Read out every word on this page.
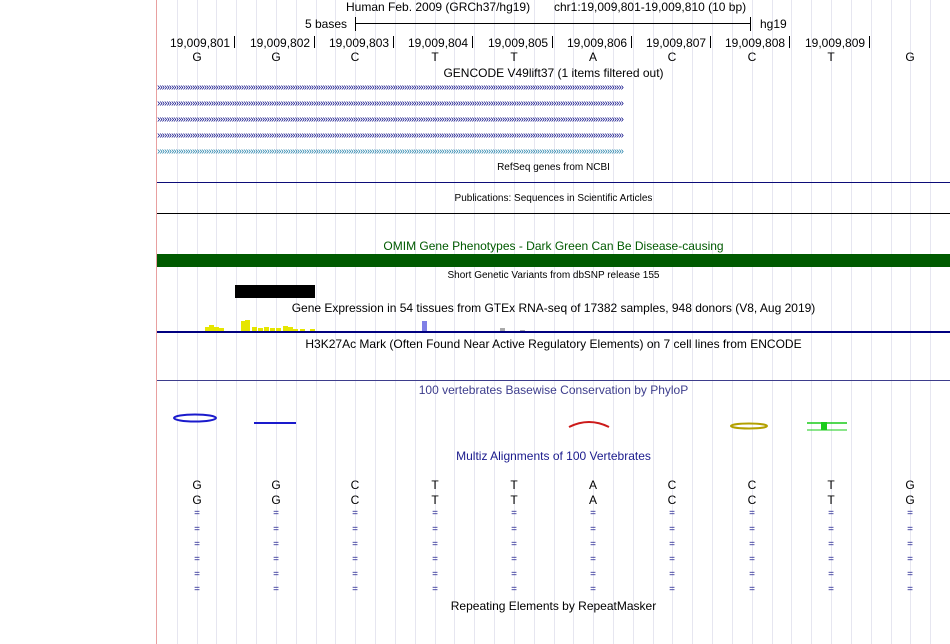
Human Feb. 2009 (GRCh37/hg19) chr1:19,009,801-19,009,810 (10 bp)
5 bases	hg19
19,009,801 19,009,802 19,009,803 19,009,804 19,009,805 19,009,806 19,009,807 19,009,808 19,009,809
G	G	C	T	T	A	C	C	T	G
GENCODE V49lift37 (1 items filtered out)
››››››››››››››››››››››››››››››››››››››››››››››››››››››››››››››››››››››››››››››››››››››››››››››››››››››››››››››››››››››››››››››››››››››››››››››››››››››››››››››››››››››››››››››››››››››››››››››››››››››››
››››››››››››››››››››››››››››››››››››››››››››››››››››››››››››››››››››››››››››››››››››››››››››››››››››››››››››››››››››››››››››››››››››››››››››››››››››››››››››››››››››››››››››››››››››››››››››››››››››››››
››››››››››››››››››››››››››››››››››››››››››››››››››››››››››››››››››››››››››››››››››››››››››››››››››››››››››››››››››››››››››››››››››››››››››››››››››››››››››››››››››››››››››››››››››››››››››››››››››››››››
››››››››››››››››››››››››››››››››››››››››››››››››››››››››››››››››››››››››››››››››››››››››››››››››››››››››››››››››››››››››››››››››››››››››››››››››››››››››››››››››››››››››››››››››››››››››››››››››››››››››
››››››››››››››››››››››››››››››››››››››››››››››››››››››››››››››››››››››››››››››››››››››››››››››››››››››››››››››››››››››››››››››››››››››››››››››››››››››››››››››››››››››››››››››››››››››››››››››››››››››››
RefSeq genes from NCBI
Publications: Sequences in Scientific Articles
OMIM Gene Phenotypes - Dark Green Can Be Disease-causing
Short Genetic Variants from dbSNP release 155
Gene Expression in 54 tissues from GTEx RNA-seq of 17382 samples, 948 donors (V8, Aug 2019)
H3K27Ac Mark (Often Found Near Active Regulatory Elements) on 7 cell lines from ENCODE
100 vertebrates Basewise Conservation by PhyloP
Multiz Alignments of 100 Vertebrates
G	G	C	T	T	A	C	C	T	G
G	G	C	T	T	A	C	C	T	G
=	=	=	=	=	=	=	=	=	=
=	=	=	=	=	=	=	=	=	=
=	=	=	=	=	=	=	=	=	=
=	=	=	=	=	=	=	=	=	=
=	=	=	=	=	=	=	=	=	=
=	=	=	=	=	=	=	=	=	=
Repeating Elements by RepeatMasker
